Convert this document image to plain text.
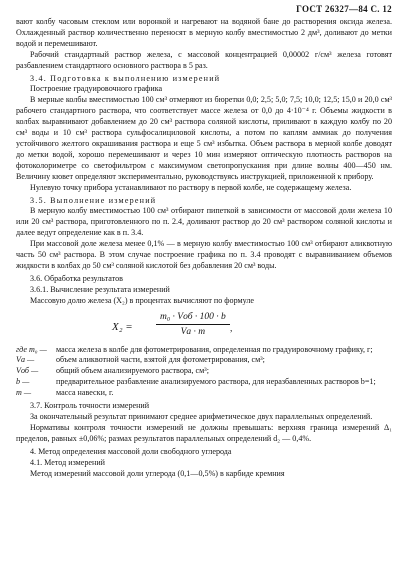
ГОСТ 26327—84 С. 12

вают колбу часовым стеклом или воронкой и нагревают на водяной бане до растворения оксида железа. Охлажденный раствор количественно переносят в мерную колбу вместимостью 2 дм³, доливают до метки водой и перемешивают.

Рабочий стандартный раствор железа, с массовой концентрацией 0,00002 г/см³ железа готовят разбавлением стандартного основного раствора в 5 раз.

3.4. Подготовка к выполнению измерений

Построение градуировочного графика

В мерные колбы вместимостью 100 см³ отмеряют из бюретки 0,0; 2,5; 5,0; 7,5; 10,0; 12,5; 15,0 и 20,0 см³ рабочего стандартного раствора, что соответствует массе железа от 0,0 до 4·10⁻⁴ г. Объемы жидкости в колбах выравнивают добавлением до 20 см³ раствора соляной кислоты, приливают в каждую колбу по 20 см³ воды и 10 см³ раствора сульфосалициловой кислоты, а потом по каплям аммиак до получения устойчивого желтого окрашивания раствора и еще 5 см³ избытка. Объем раствора в мерной колбе доводят до метки водой, хорошо перемешивают и через 10 мин измеряют оптическую плотность растворов на фотоколориметре со светофильтром с максимумом светопропускания при длине волны 400—450 нм. Величину кювет определяют экспериментально, руководствуясь инструкцией, приложенной к прибору.

Нулевую точку прибора устанавливают по раствору в первой колбе, не содержащему железа.

3.5. Выполнение измерений

В мерную колбу вместимостью 100 см³ отбирают пипеткой в зависимости от массовой доли железа 10 или 20 см³ раствора, приготовленного по п. 2.4, доливают раствор до 20 см³ раствором соляной кислоты и далее ведут определение как в п. 3.4.

При массовой доле железа менее 0,1% — в мерную колбу вместимостью 100 см³ отбирают аликвотную часть 50 см³ раствора. В этом случае построение графика по п. 3.4 проводят с выравниванием объемов жидкости в колбах до 50 см³ соляной кислотой без добавления 20 см³ воды.

3.6. Обработка результатов

3.6.1. Вычисление результата измерений

Массовую долю железа (X₂) в процентах вычисляют по формуле

X₂ =
m₀ · Vоб · 100 · b
Vа · m	,
где m₀ —	масса железа в колбе для фотометрирования, определенная по градуировочному графику, г;
Vа —	объем аликвотной части, взятой для фотометрирования, см³;
Vоб —	общий объем анализируемого раствора, см³;
b —	предварительное разбавление анализируемого раствора, для неразбавленных растворов b=1;
m —	масса навески, г.

3.7. Контроль точности измерений

За окончательный результат принимают среднее арифметическое двух параллельных определений.

Нормативы контроля точности измерений не должны превышать: верхняя граница измерений Δ₁ пределов, равных ±0,06%; размах результатов параллельных определений d₂ — 0,4%.

4. Метод определения массовой доли свободного углерода

4.1. Метод измерений

Метод измерений массовой доли углерода (0,1—0,5%) в карбиде кремния
